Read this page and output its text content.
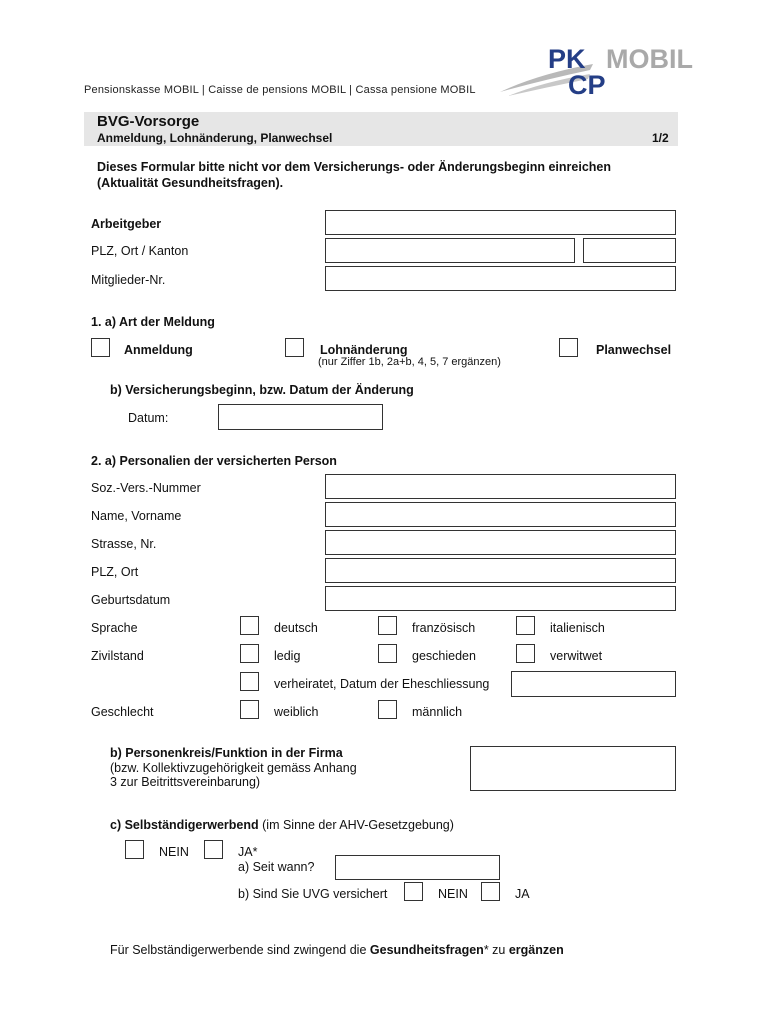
Pensionskasse MOBIL | Caisse de pensions MOBIL | Cassa pensione MOBIL
PK MOBIL
CP
BVG-Vorsorge
Anmeldung, Lohnänderung, Planwechsel	1/2
Dieses Formular bitte nicht vor dem Versicherungs- oder Änderungsbeginn einreichen
(Aktualität Gesundheitsfragen).
Arbeitgeber
PLZ, Ort / Kanton
Mitglieder-Nr.
1. a) Art der Meldung
Anmeldung	Lohnänderung
(nur Ziffer 1b, 2a+b, 4, 5, 7 ergänzen)
Planwechsel
b) Versicherungsbeginn, bzw. Datum der Änderung
Datum:
2. a) Personalien der versicherten Person
Soz.-Vers.-Nummer
Name, Vorname
Strasse, Nr.
PLZ, Ort
Geburtsdatum
Sprache	deutsch	französisch	italienisch
Zivilstand	ledig	geschieden	verwitwet
verheiratet, Datum der Eheschliessung
Geschlecht	weiblich	männlich
b) Personenkreis/Funktion in der Firma
(bzw. Kollektivzugehörigkeit gemäss Anhang
3 zur Beitrittsvereinbarung)
c) Selbständigerwerbend (im Sinne der AHV-Gesetzgebung)
NEIN	JA*
a) Seit wann?
b) Sind Sie UVG versichert	NEIN	JA
Für Selbständigerwerbende sind zwingend die Gesundheitsfragen* zu ergänzen
